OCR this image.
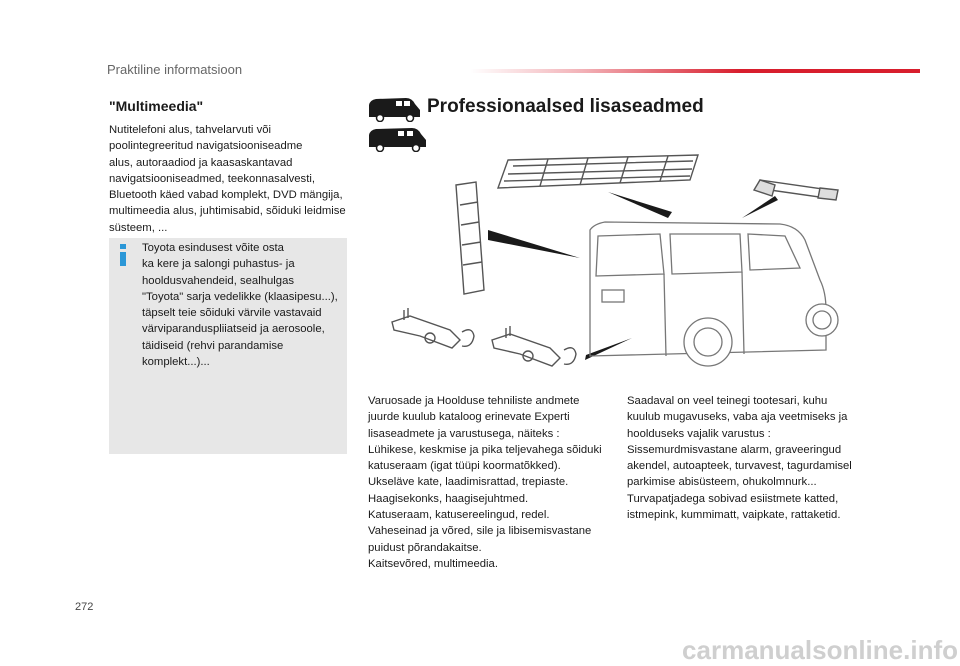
Praktiline informatsioon
"Multimeedia"
Nutitelefoni alus, tahvelarvuti või
poolintegreeritud navigatsiooniseadme
alus, autoraadiod ja kaasaskantavad
navigatsiooniseadmed, teekonnasalvesti,
Bluetooth käed vabad komplekt, DVD mängija,
multimeedia alus, juhtimisabid, sõiduki leidmise
süsteem, ...
Toyota esindusest võite osta
ka kere ja salongi puhastus- ja
hooldusvahendeid, sealhulgas
"Toyota" sarja vedelikke (klaasipesu...),
täpselt teie sõiduki värvile vastavaid
värviparanduspliiatseid ja aerosoole,
täidiseid (rehvi parandamise
komplekt...)...
Professionaalsed lisaseadmed
Varuosade ja Hoolduse tehniliste andmete
juurde kuulub kataloog erinevate Experti
lisaseadmete ja varustusega, näiteks :
Lühikese, keskmise ja pika teljevahega sõiduki
katuseraam (igat tüüpi koormatõkked).
Ukseläve kate, laadimisrattad, trepiaste.
Haagisekonks, haagisejuhtmed.
Katuseraam, katusereelingud, redel.
Vaheseinad ja võred, sile ja libisemisvastane
puidust põrandakaitse.
Kaitsevõred, multimeedia.
Saadaval on veel teinegi tootesari, kuhu
kuulub mugavuseks, vaba aja veetmiseks ja
hoolduseks vajalik varustus :
Sissemurdmisvastane alarm, graveeringud
akendel, autoapteek, turvavest, tagurdamisel
parkimise abisüsteem, ohukolmnurk...
Turvapatjadega sobivad esiistmete katted,
istmepink, kummimatt, vaipkate, rattaketid.
272
carmanualsonline.info
